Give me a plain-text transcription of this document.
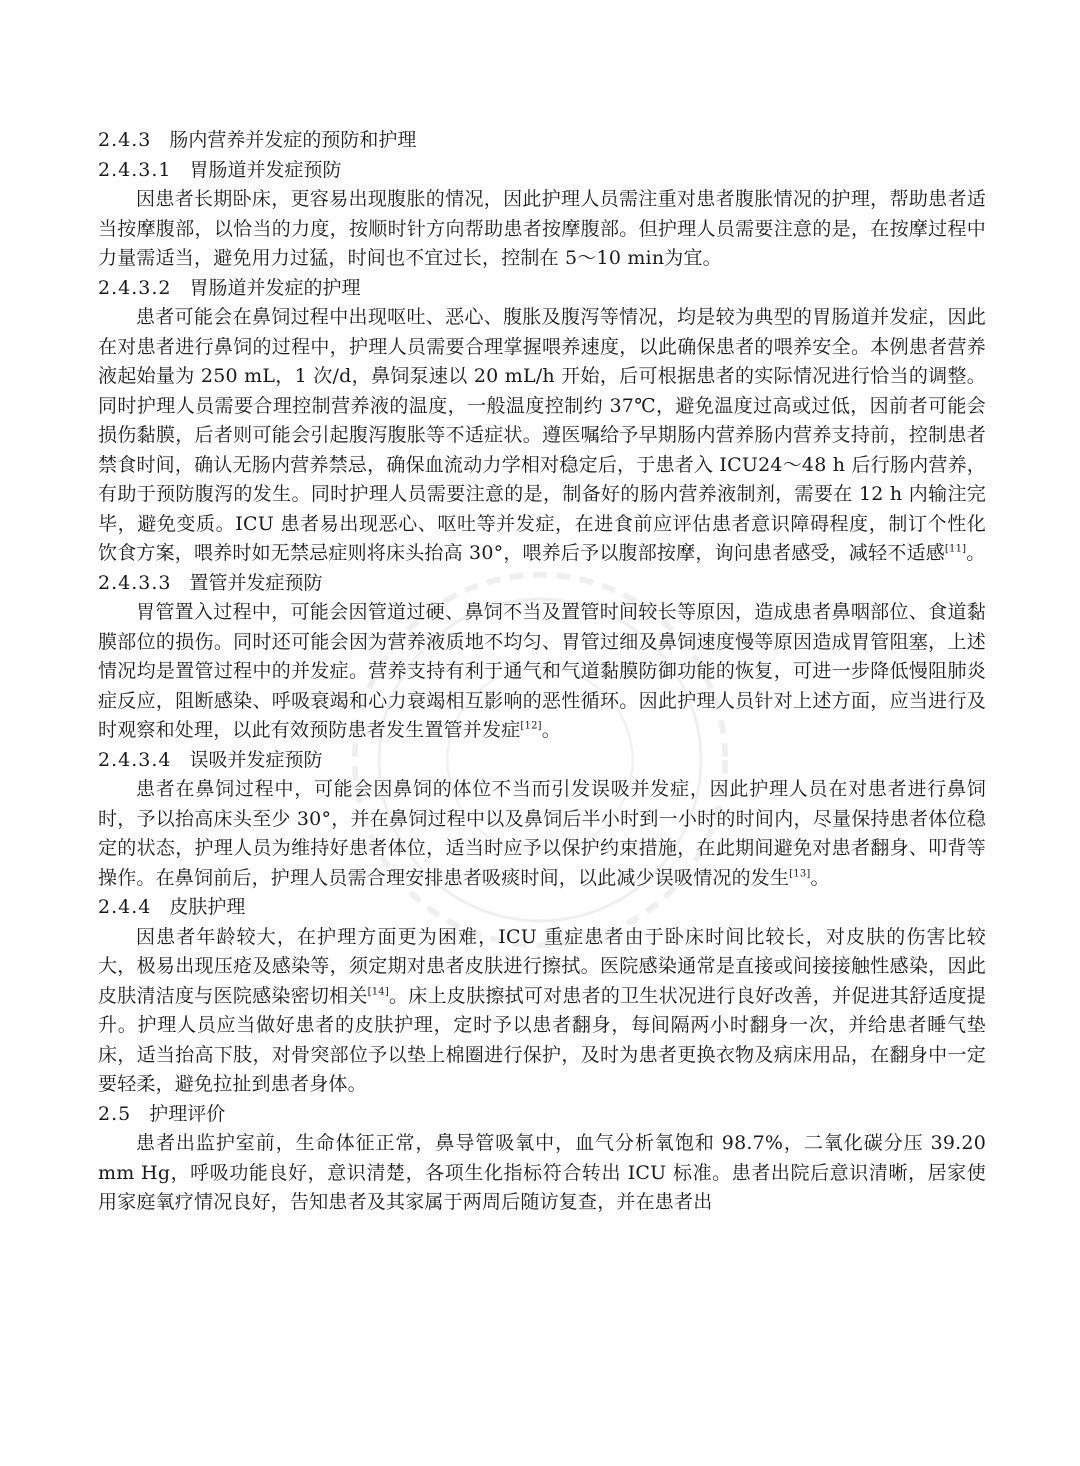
2.4.3 肠内营养并发症的预防和护理

2.4.3.1 胃肠道并发症预防

因患者长期卧床，更容易出现腹胀的情况，因此护理人员需注重对患者腹胀情况的护理，帮助患者适当按摩腹部，以恰当的力度，按顺时针方向帮助患者按摩腹部。但护理人员需要注意的是，在按摩过程中力量需适当，避免用力过猛，时间也不宜过长，控制在 5～10 min为宜。

2.4.3.2 胃肠道并发症的护理

患者可能会在鼻饲过程中出现呕吐、恶心、腹胀及腹泻等情况，均是较为典型的胃肠道并发症，因此在对患者进行鼻饲的过程中，护理人员需要合理掌握喂养速度，以此确保患者的喂养安全。本例患者营养液起始量为 250 mL，1 次/d，鼻饲泵速以 20 mL/h 开始，后可根据患者的实际情况进行恰当的调整。同时护理人员需要合理控制营养液的温度，一般温度控制约 37℃，避免温度过高或过低，因前者可能会损伤黏膜，后者则可能会引起腹泻腹胀等不适症状。遵医嘱给予早期肠内营养肠内营养支持前，控制患者禁食时间，确认无肠内营养禁忌，确保血流动力学相对稳定后，于患者入 ICU24～48 h 后行肠内营养，有助于预防腹泻的发生。同时护理人员需要注意的是，制备好的肠内营养液制剂，需要在 12 h 内输注完毕，避免变质。ICU 患者易出现恶心、呕吐等并发症，在进食前应评估患者意识障碍程度，制订个性化饮食方案，喂养时如无禁忌症则将床头抬高 30°，喂养后予以腹部按摩，询问患者感受，减轻不适感[11]。

2.4.3.3 置管并发症预防

胃管置入过程中，可能会因管道过硬、鼻饲不当及置管时间较长等原因，造成患者鼻咽部位、食道黏膜部位的损伤。同时还可能会因为营养液质地不均匀、胃管过细及鼻饲速度慢等原因造成胃管阻塞，上述情况均是置管过程中的并发症。营养支持有利于通气和气道黏膜防御功能的恢复，可进一步降低慢阻肺炎症反应，阻断感染、呼吸衰竭和心力衰竭相互影响的恶性循环。因此护理人员针对上述方面，应当进行及时观察和处理，以此有效预防患者发生置管并发症[12]。

2.4.3.4 误吸并发症预防

患者在鼻饲过程中，可能会因鼻饲的体位不当而引发误吸并发症，因此护理人员在对患者进行鼻饲时，予以抬高床头至少 30°，并在鼻饲过程中以及鼻饲后半小时到一小时的时间内，尽量保持患者体位稳定的状态，护理人员为维持好患者体位，适当时应予以保护约束措施，在此期间避免对患者翻身、叩背等操作。在鼻饲前后，护理人员需合理安排患者吸痰时间，以此减少误吸情况的发生[13]。

2.4.4 皮肤护理

因患者年龄较大，在护理方面更为困难，ICU 重症患者由于卧床时间比较长，对皮肤的伤害比较大，极易出现压疮及感染等，须定期对患者皮肤进行擦拭。医院感染通常是直接或间接接触性感染，因此皮肤清洁度与医院感染密切相关[14]。床上皮肤擦拭可对患者的卫生状况进行良好改善，并促进其舒适度提升。护理人员应当做好患者的皮肤护理，定时予以患者翻身，每间隔两小时翻身一次，并给患者睡气垫床，适当抬高下肢，对骨突部位予以垫上棉圈进行保护，及时为患者更换衣物及病床用品，在翻身中一定要轻柔，避免拉扯到患者身体。

2.5 护理评价

患者出监护室前，生命体征正常，鼻导管吸氧中，血气分析氧饱和 98.7%，二氧化碳分压 39.20 mm Hg，呼吸功能良好，意识清楚，各项生化指标符合转出 ICU 标准。患者出院后意识清晰，居家使用家庭氧疗情况良好，告知患者及其家属于两周后随访复查，并在患者出
